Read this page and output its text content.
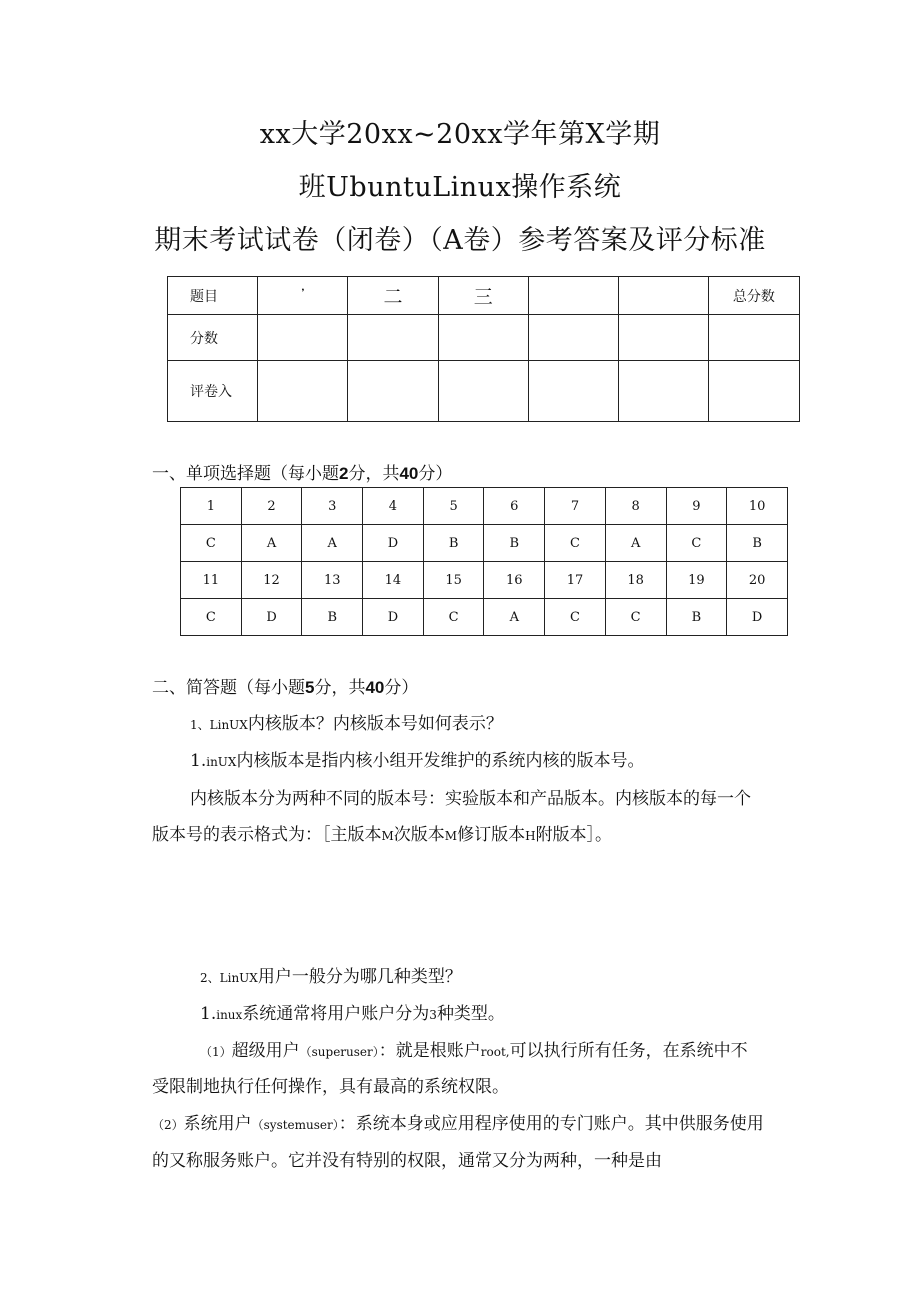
xx大学20xx~20xx学年第X学期
班UbuntuLinux操作系统
期末考试试卷（闭卷）（A卷）参考答案及评分标准
题目	᾿	二	三			总分数
分数						
评卷入						
一、单项选择题（每小题2分，共40分）
1	2	3	4	5	6	7	8	9	10
C	A	A	D	B	B	C	A	C	B
11	12	13	14	15	16	17	18	19	20
C	D	B	D	C	A	C	C	B	D
二、简答题（每小题5分，共40分）
1、LinUX内核版本？内核版本号如何表示？
1.inUX内核版本是指内核小组开发维护的系统内核的版本号。
内核版本分为两种不同的版本号：实验版本和产品版本。内核版本的每一个
版本号的表示格式为：［主版本M次版本M修订版本H附版本］。
2、LinUX用户一般分为哪几种类型？
1.inux系统通常将用户账户分为3种类型。
（1）超级用户（superuser）：就是根账户root,可以执行所有任务，在系统中不
受限制地执行任何操作，具有最高的系统权限。
（2）系统用户（systemuser）：系统本身或应用程序使用的专门账户。其中供服务使用
的又称服务账户。它并没有特别的权限，通常又分为两种，一种是由
